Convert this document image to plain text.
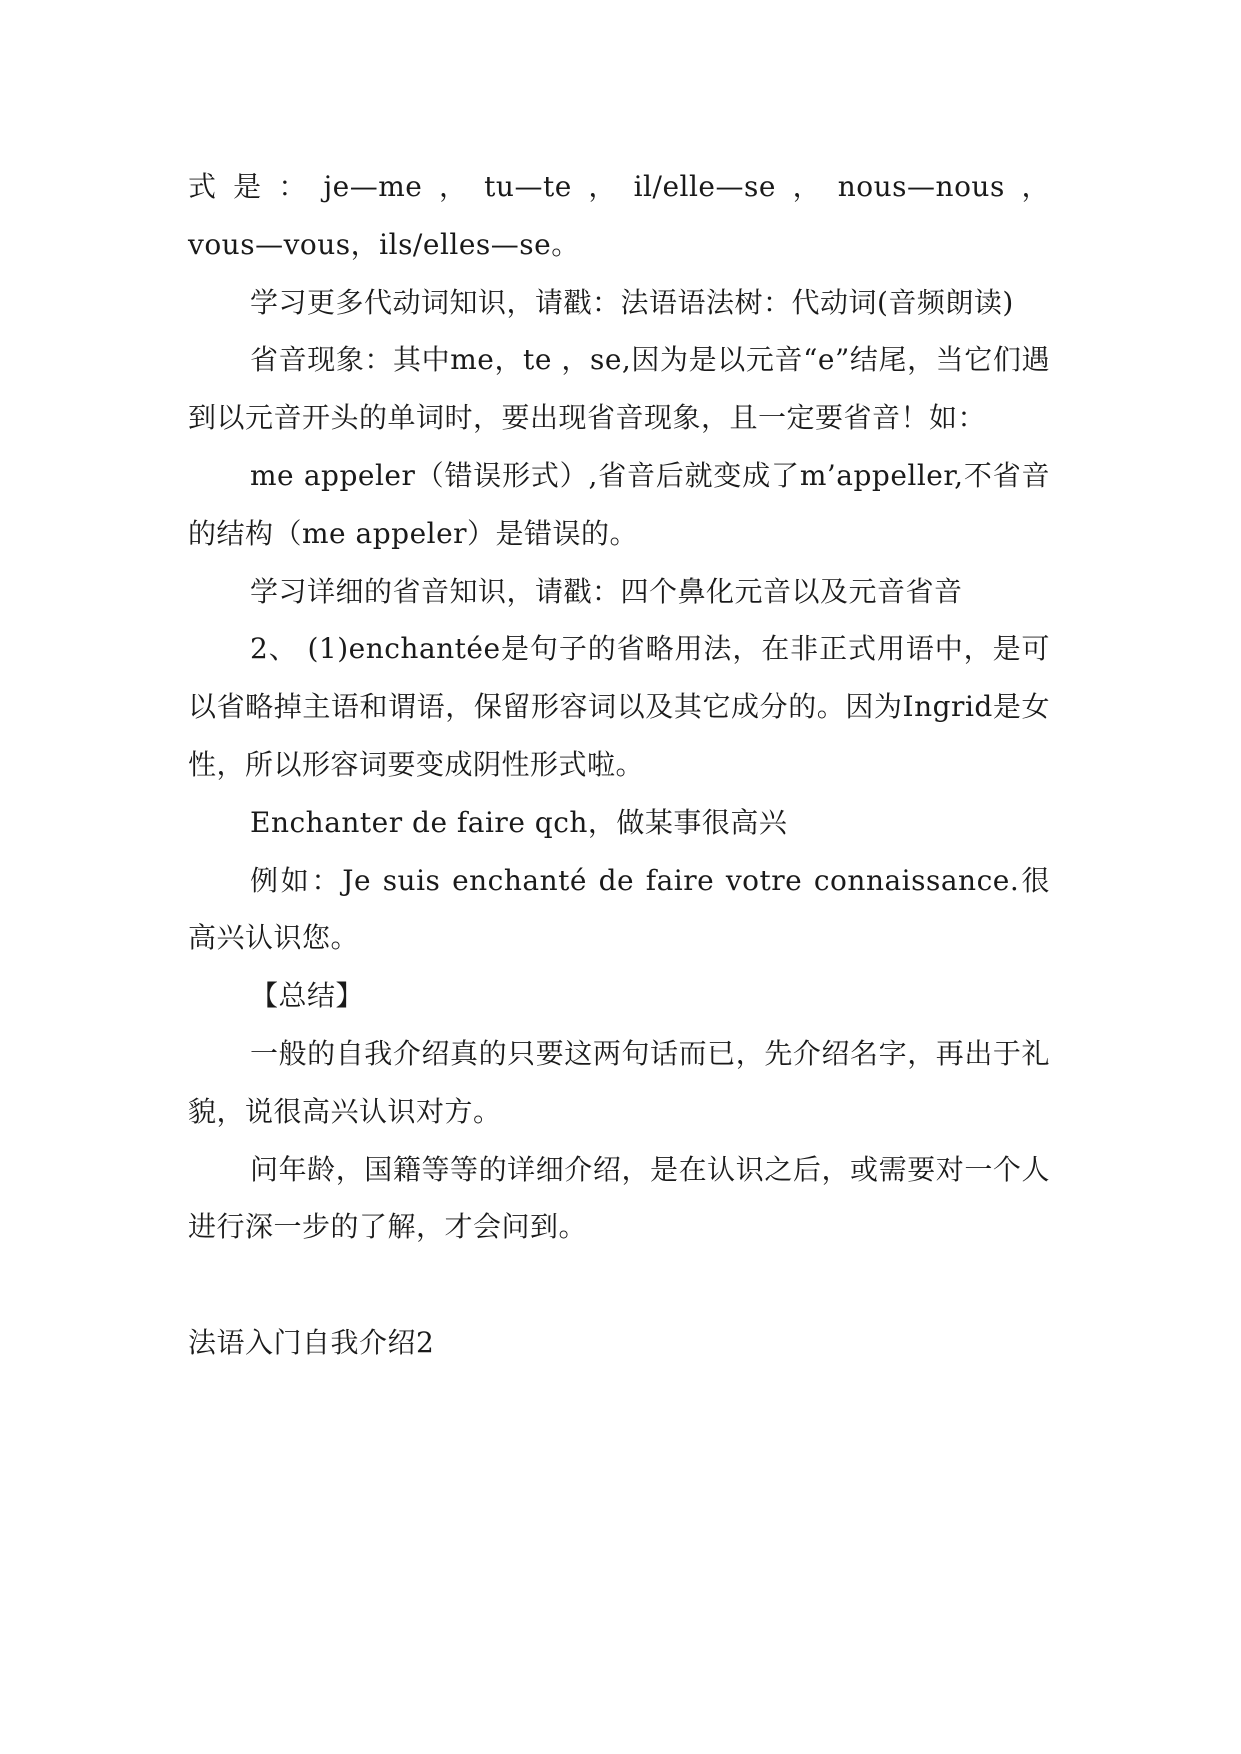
式是：je—me，tu—te，il/elle—se，nous—nous，

vous—vous，ils/elles—se。

学习更多代动词知识，请戳：法语语法树：代动词(音频朗读)

省音现象：其中me，te ，se,因为是以元音“e”结尾，当它们遇到以元音开头的单词时，要出现省音现象，且一定要省音！如：

me appeler（错误形式）,省音后就变成了m’appeller,不省音的结构（me appeler）是错误的。

学习详细的省音知识，请戳：四个鼻化元音以及元音省音

2、 (1)enchantée是句子的省略用法，在非正式用语中，是可以省略掉主语和谓语，保留形容词以及其它成分的。因为Ingrid是女性，所以形容词要变成阴性形式啦。

Enchanter de faire qch，做某事很高兴

例如：Je suis enchanté de faire votre connaissance.很高兴认识您。

【总结】

一般的自我介绍真的只要这两句话而已，先介绍名字，再出于礼貌，说很高兴认识对方。

问年龄，国籍等等的详细介绍，是在认识之后，或需要对一个人进行深一步的了解，才会问到。

法语入门自我介绍2
